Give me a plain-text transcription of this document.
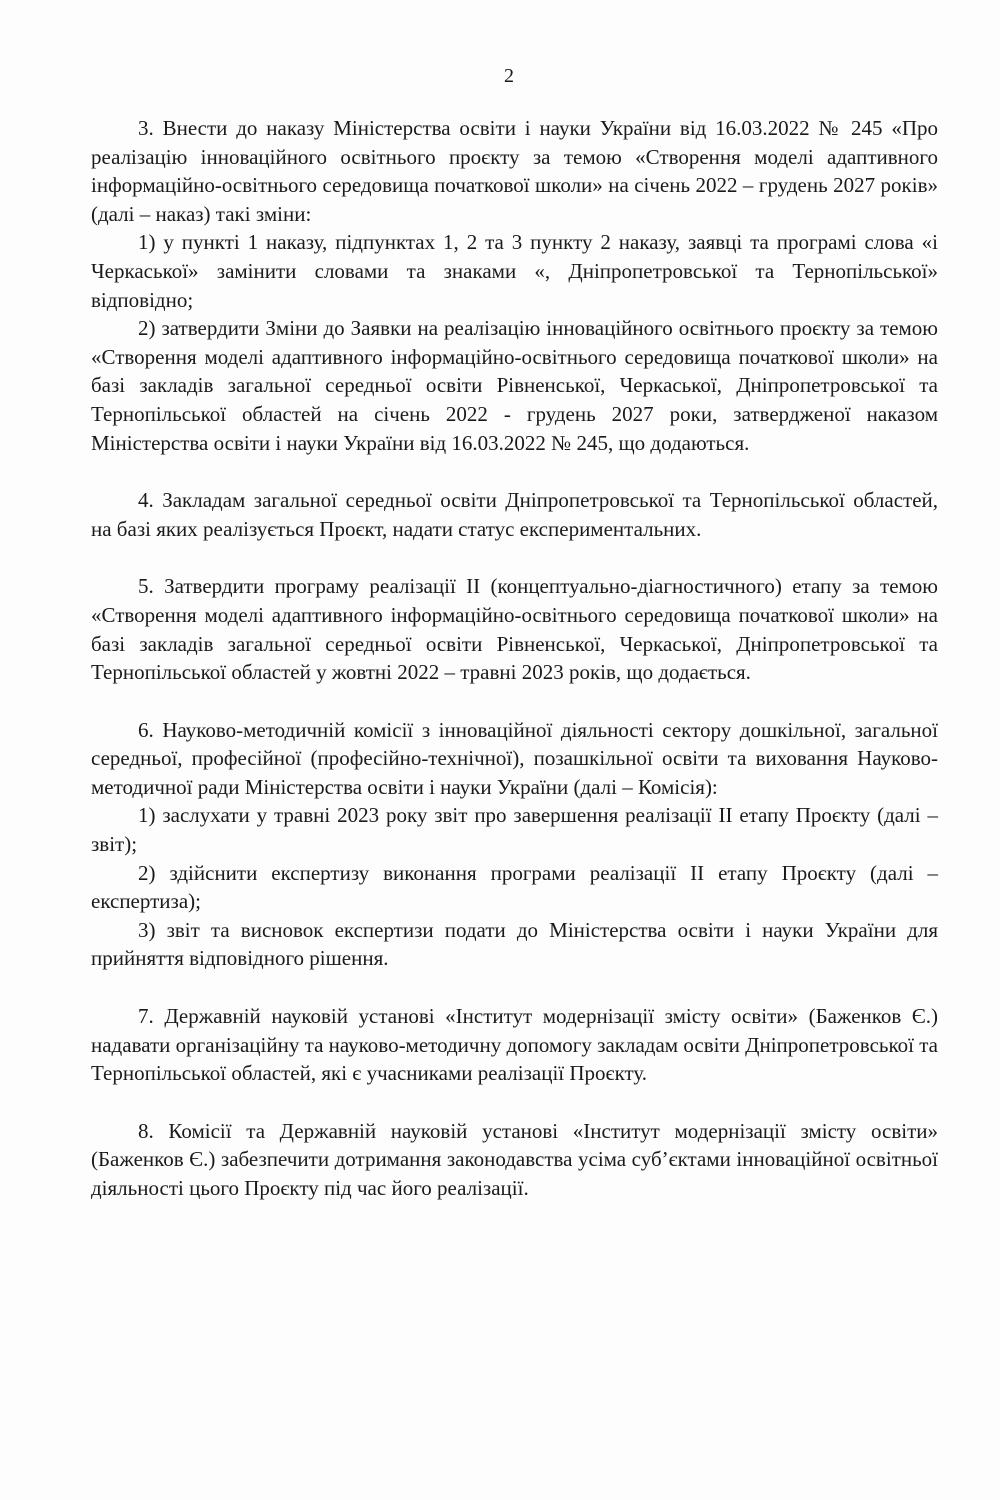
2

3. Внести до наказу Міністерства освіти і науки України від 16.03.2022 № 245 «Про реалізацію інноваційного освітнього проєкту за темою «Створення моделі адаптивного інформаційно-освітнього середовища початкової школи» на січень 2022 – грудень 2027 років» (далі – наказ) такі зміни:

1) у пункті 1 наказу, підпунктах 1, 2 та 3 пункту 2 наказу, заявці та програмі слова «і Черкаської» замінити словами та знаками «, Дніпропетровської та Тернопільської» відповідно;

2) затвердити Зміни до Заявки на реалізацію інноваційного освітнього проєкту за темою «Створення моделі адаптивного інформаційно-освітнього середовища початкової школи» на базі закладів загальної середньої освіти Рівненської, Черкаської, Дніпропетровської та Тернопільської областей на січень 2022 - грудень 2027 роки, затвердженої наказом Міністерства освіти і науки України від 16.03.2022 № 245, що додаються.

4. Закладам загальної середньої освіти Дніпропетровської та Тернопільської областей, на базі яких реалізується Проєкт, надати статус експериментальних.

5. Затвердити програму реалізації II (концептуально-діагностичного) етапу за темою «Створення моделі адаптивного інформаційно-освітнього середовища початкової школи» на базі закладів загальної середньої освіти Рівненської, Черкаської, Дніпропетровської та Тернопільської областей у жовтні 2022 – травні 2023 років, що додається.

6. Науково-методичній комісії з інноваційної діяльності сектору дошкільної, загальної середньої, професійної (професійно-технічної), позашкільної освіти та виховання Науково-методичної ради Міністерства освіти і науки України (далі – Комісія):

1) заслухати у травні 2023 року звіт про завершення реалізації II етапу Проєкту (далі – звіт);

2) здійснити експертизу виконання програми реалізації II етапу Проєкту (далі – експертиза);

3) звіт та висновок експертизи подати до Міністерства освіти і науки України для прийняття відповідного рішення.

7. Державній науковій установі «Інститут модернізації змісту освіти» (Баженков Є.) надавати організаційну та науково-методичну допомогу закладам освіти Дніпропетровської та Тернопільської областей, які є учасниками реалізації Проєкту.

8. Комісії та Державній науковій установі «Інститут модернізації змісту освіти» (Баженков Є.) забезпечити дотримання законодавства усіма суб’єктами інноваційної освітньої діяльності цього Проєкту під час його реалізації.
